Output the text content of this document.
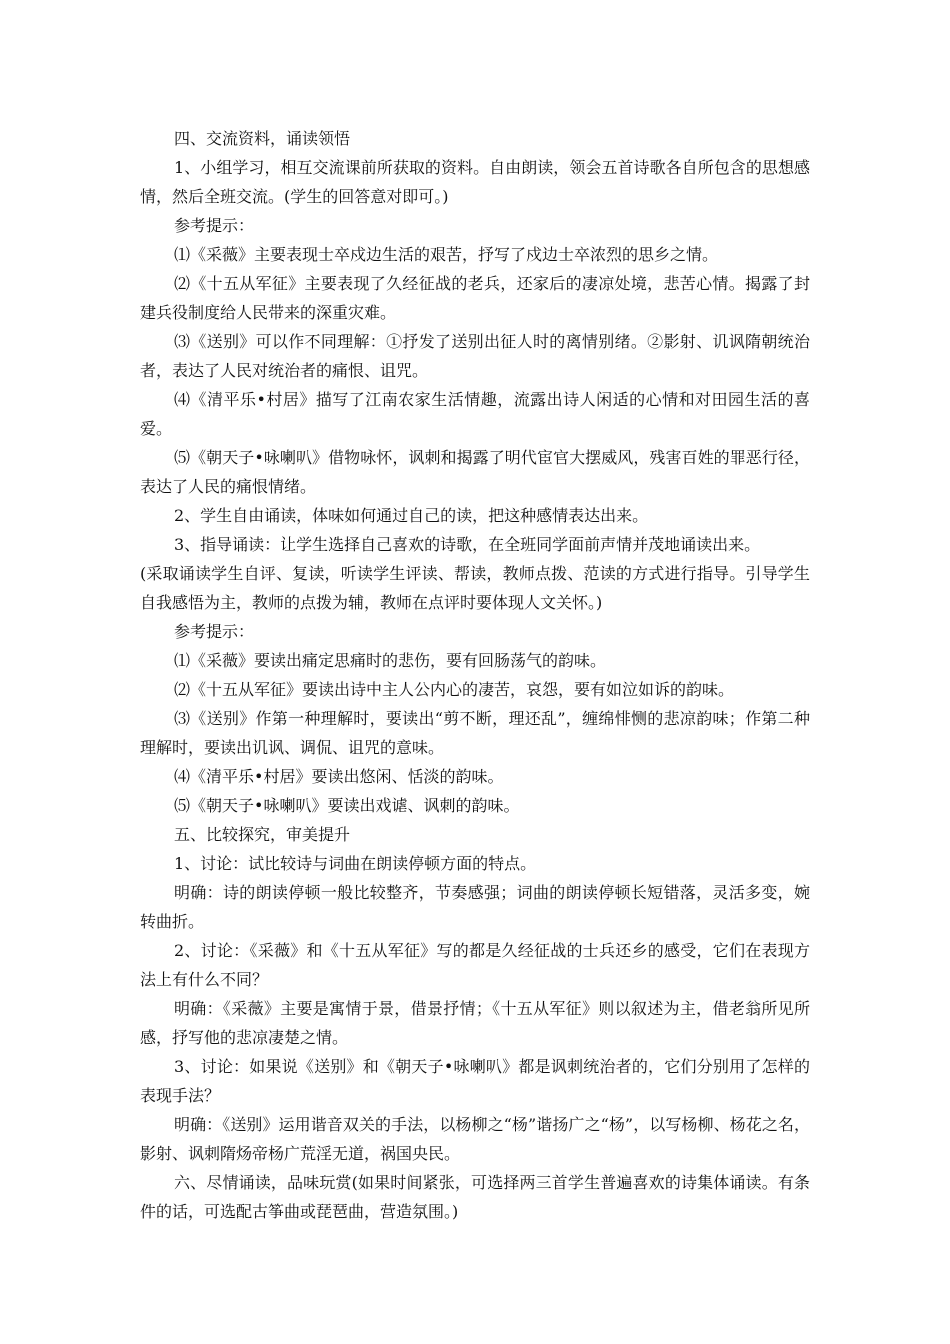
四、交流资料，诵读领悟

1、小组学习，相互交流课前所获取的资料。自由朗读，领会五首诗歌各自所包含的思想感情，然后全班交流。(学生的回答意对即可。)

参考提示：

⑴《采薇》主要表现士卒戍边生活的艰苦，抒写了戍边士卒浓烈的思乡之情。

⑵《十五从军征》主要表现了久经征战的老兵，还家后的凄凉处境，悲苦心情。揭露了封建兵役制度给人民带来的深重灾难。

⑶《送别》可以作不同理解：①抒发了送别出征人时的离情别绪。②影射、讥讽隋朝统治者，表达了人民对统治者的痛恨、诅咒。

⑷《清平乐•村居》描写了江南农家生活情趣，流露出诗人闲适的心情和对田园生活的喜爱。

⑸《朝天子•咏喇叭》借物咏怀，讽刺和揭露了明代宦官大摆威风，残害百姓的罪恶行径，表达了人民的痛恨情绪。

2、学生自由诵读，体味如何通过自己的读，把这种感情表达出来。

3、指导诵读：让学生选择自己喜欢的诗歌，在全班同学面前声情并茂地诵读出来。

(采取诵读学生自评、复读，听读学生评读、帮读，教师点拨、范读的方式进行指导。引导学生自我感悟为主，教师的点拨为辅，教师在点评时要体现人文关怀。)

参考提示：

⑴《采薇》要读出痛定思痛时的悲伤，要有回肠荡气的韵味。

⑵《十五从军征》要读出诗中主人公内心的凄苦，哀怨，要有如泣如诉的韵味。

⑶《送别》作第一种理解时，要读出“剪不断，理还乱”，缠绵悱恻的悲凉韵味；作第二种理解时，要读出讥讽、调侃、诅咒的意味。

⑷《清平乐•村居》要读出悠闲、恬淡的韵味。

⑸《朝天子•咏喇叭》要读出戏谑、讽刺的韵味。

五、比较探究，审美提升

1、讨论：试比较诗与词曲在朗读停顿方面的特点。

明确：诗的朗读停顿一般比较整齐，节奏感强；词曲的朗读停顿长短错落，灵活多变，婉转曲折。

2、讨论：《采薇》和《十五从军征》写的都是久经征战的士兵还乡的感受，它们在表现方法上有什么不同？

明确：《采薇》主要是寓情于景，借景抒情；《十五从军征》则以叙述为主，借老翁所见所感，抒写他的悲凉凄楚之情。

3、讨论：如果说《送别》和《朝天子•咏喇叭》都是讽刺统治者的，它们分别用了怎样的表现手法？

明确：《送别》运用谐音双关的手法，以杨柳之“杨”谐扬广之“杨”，以写杨柳、杨花之名，影射、讽刺隋炀帝杨广荒淫无道，祸国央民。

六、尽情诵读，品味玩赏(如果时间紧张，可选择两三首学生普遍喜欢的诗集体诵读。有条件的话，可选配古筝曲或琵琶曲，营造氛围。)
